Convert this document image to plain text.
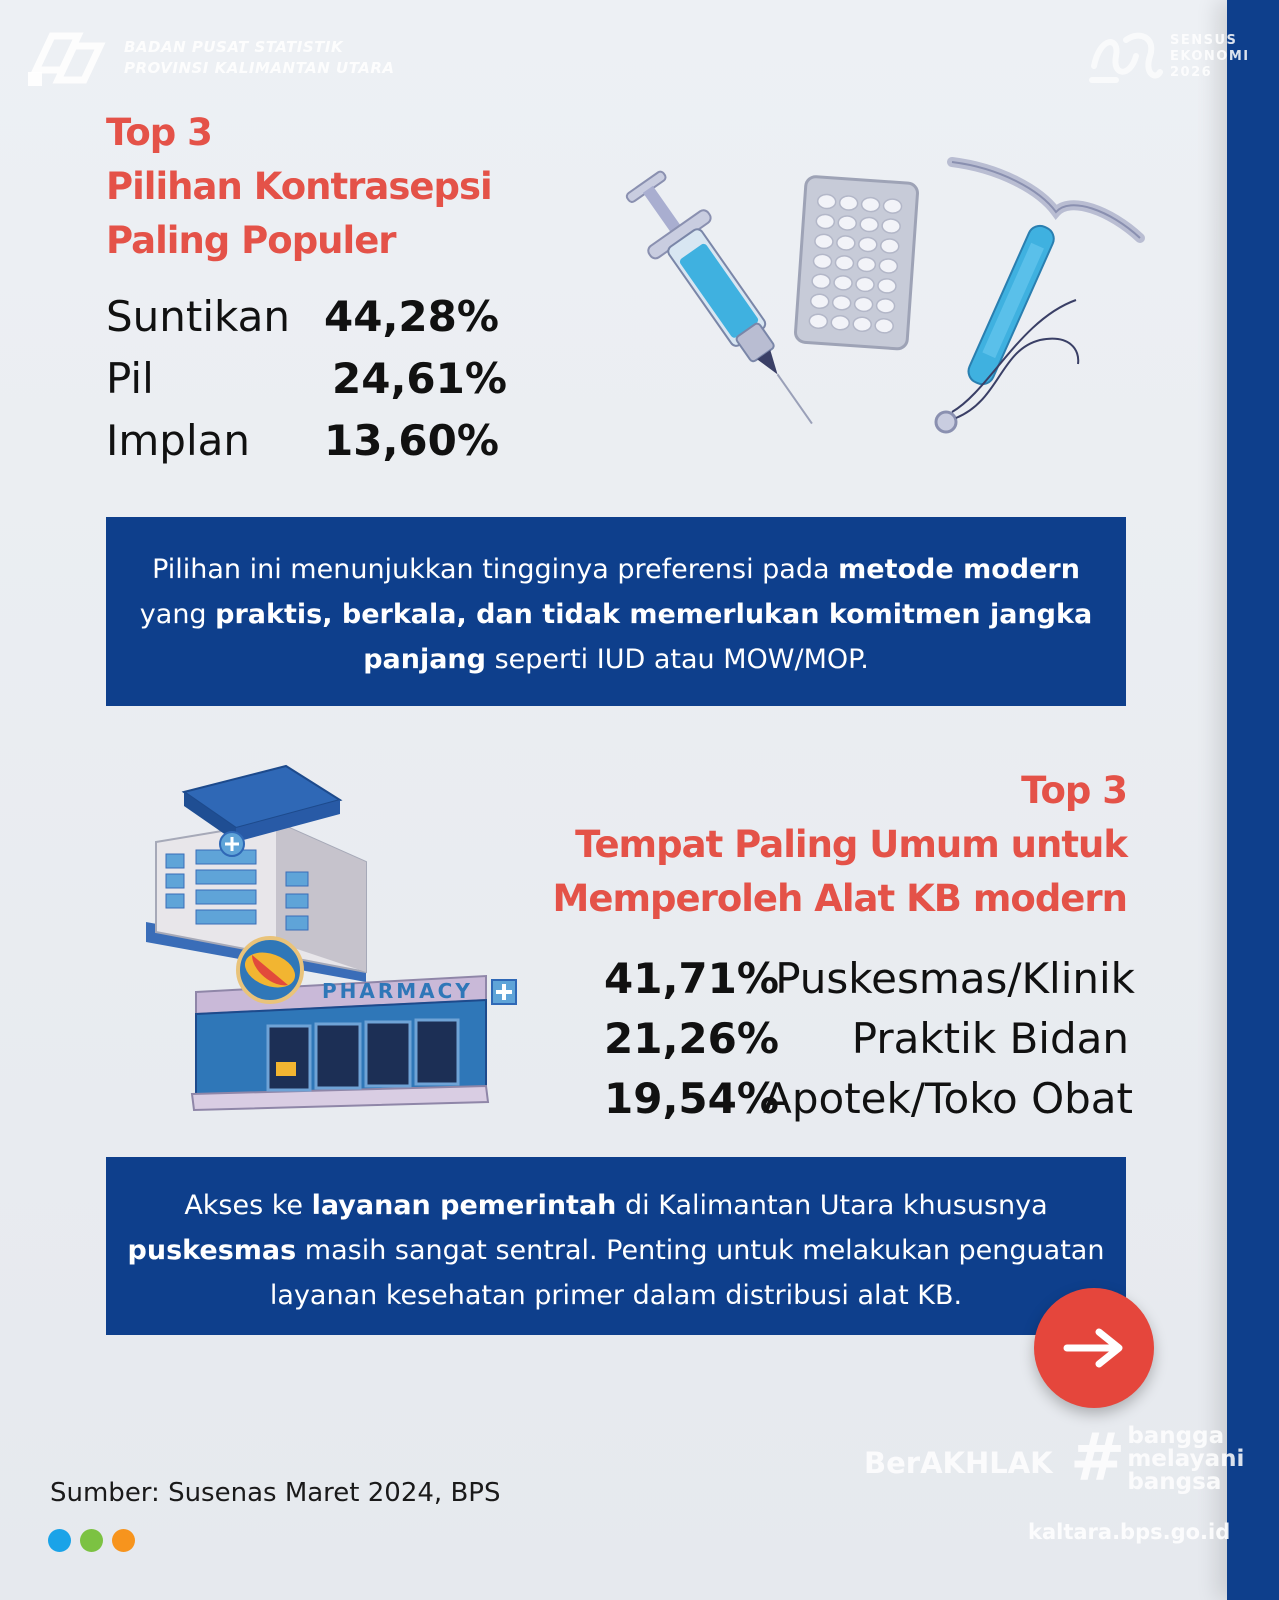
BADAN PUSAT STATISTIK
PROVINSI KALIMANTAN UTARA
SENSUS
EKONOMI
2026

Top 3

Pilihan Kontrasepsi

Paling Populer

Suntikan 44,28%
Pil	24,61%
Implan 13,60%
Pilihan ini menunjukkan tingginya preferensi pada metode modern yang praktis, berkala, dan tidak memerlukan komitmen jangka panjang seperti IUD atau MOW/MOP.

Top 3

Tempat Paling Umum untuk

Memperoleh Alat KB modern

PHARMACY	41,71%
Puskesmas/Klinik
21,26% Praktik Bidan
19,54%
Apotek/Toko Obat
Akses ke layanan pemerintah di Kalimantan Utara khususnya puskesmas masih sangat sentral. Penting untuk melakukan penguatan layanan kesehatan primer dalam distribusi alat KB.
Sumber: Susenas Maret 2024, BPS
BerAKHLAK # bangga
melayani
bangsa
kaltara.bps.go.id
